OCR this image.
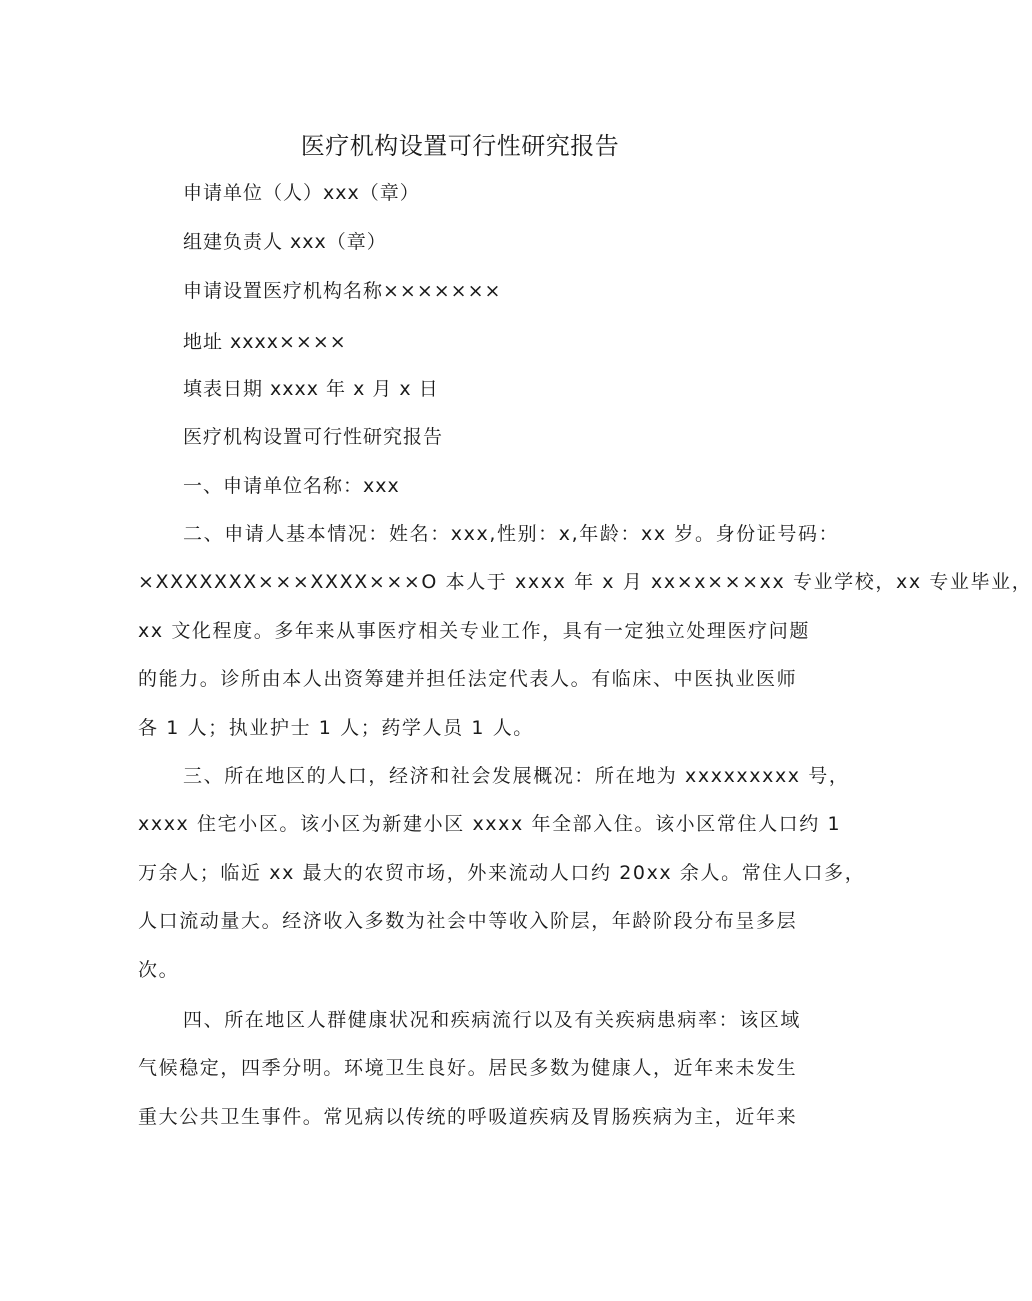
医疗机构设置可行性研究报告
申请单位（人）xxx（章）
组建负责人 xxx（章）
申请设置医疗机构名称×××××××
地址 xxxx××××
填表日期 xxxx 年 x 月 x 日
医疗机构设置可行性研究报告
一、申请单位名称：xxx
二、申请人基本情况：姓名：xxx,性别：x,年龄：xx 岁。身份证号码：
×XXXXXXX×××XXXX×××O 本人于 xxxx 年 x 月 xx×x×××xx 专业学校，xx 专业毕业，
xx 文化程度。多年来从事医疗相关专业工作，具有一定独立处理医疗问题
的能力。诊所由本人出资筹建并担任法定代表人。有临床、中医执业医师
各 1 人；执业护士 1 人；药学人员 1 人。
三、所在地区的人口，经济和社会发展概况：所在地为 xxxxxxxxx 号，
xxxx 住宅小区。该小区为新建小区 xxxx 年全部入住。该小区常住人口约 1
万余人；临近 xx 最大的农贸市场，外来流动人口约 20xx 余人。常住人口多，
人口流动量大。经济收入多数为社会中等收入阶层，年龄阶段分布呈多层
次。
四、所在地区人群健康状况和疾病流行以及有关疾病患病率：该区域
气候稳定，四季分明。环境卫生良好。居民多数为健康人，近年来未发生
重大公共卫生事件。常见病以传统的呼吸道疾病及胃肠疾病为主，近年来
